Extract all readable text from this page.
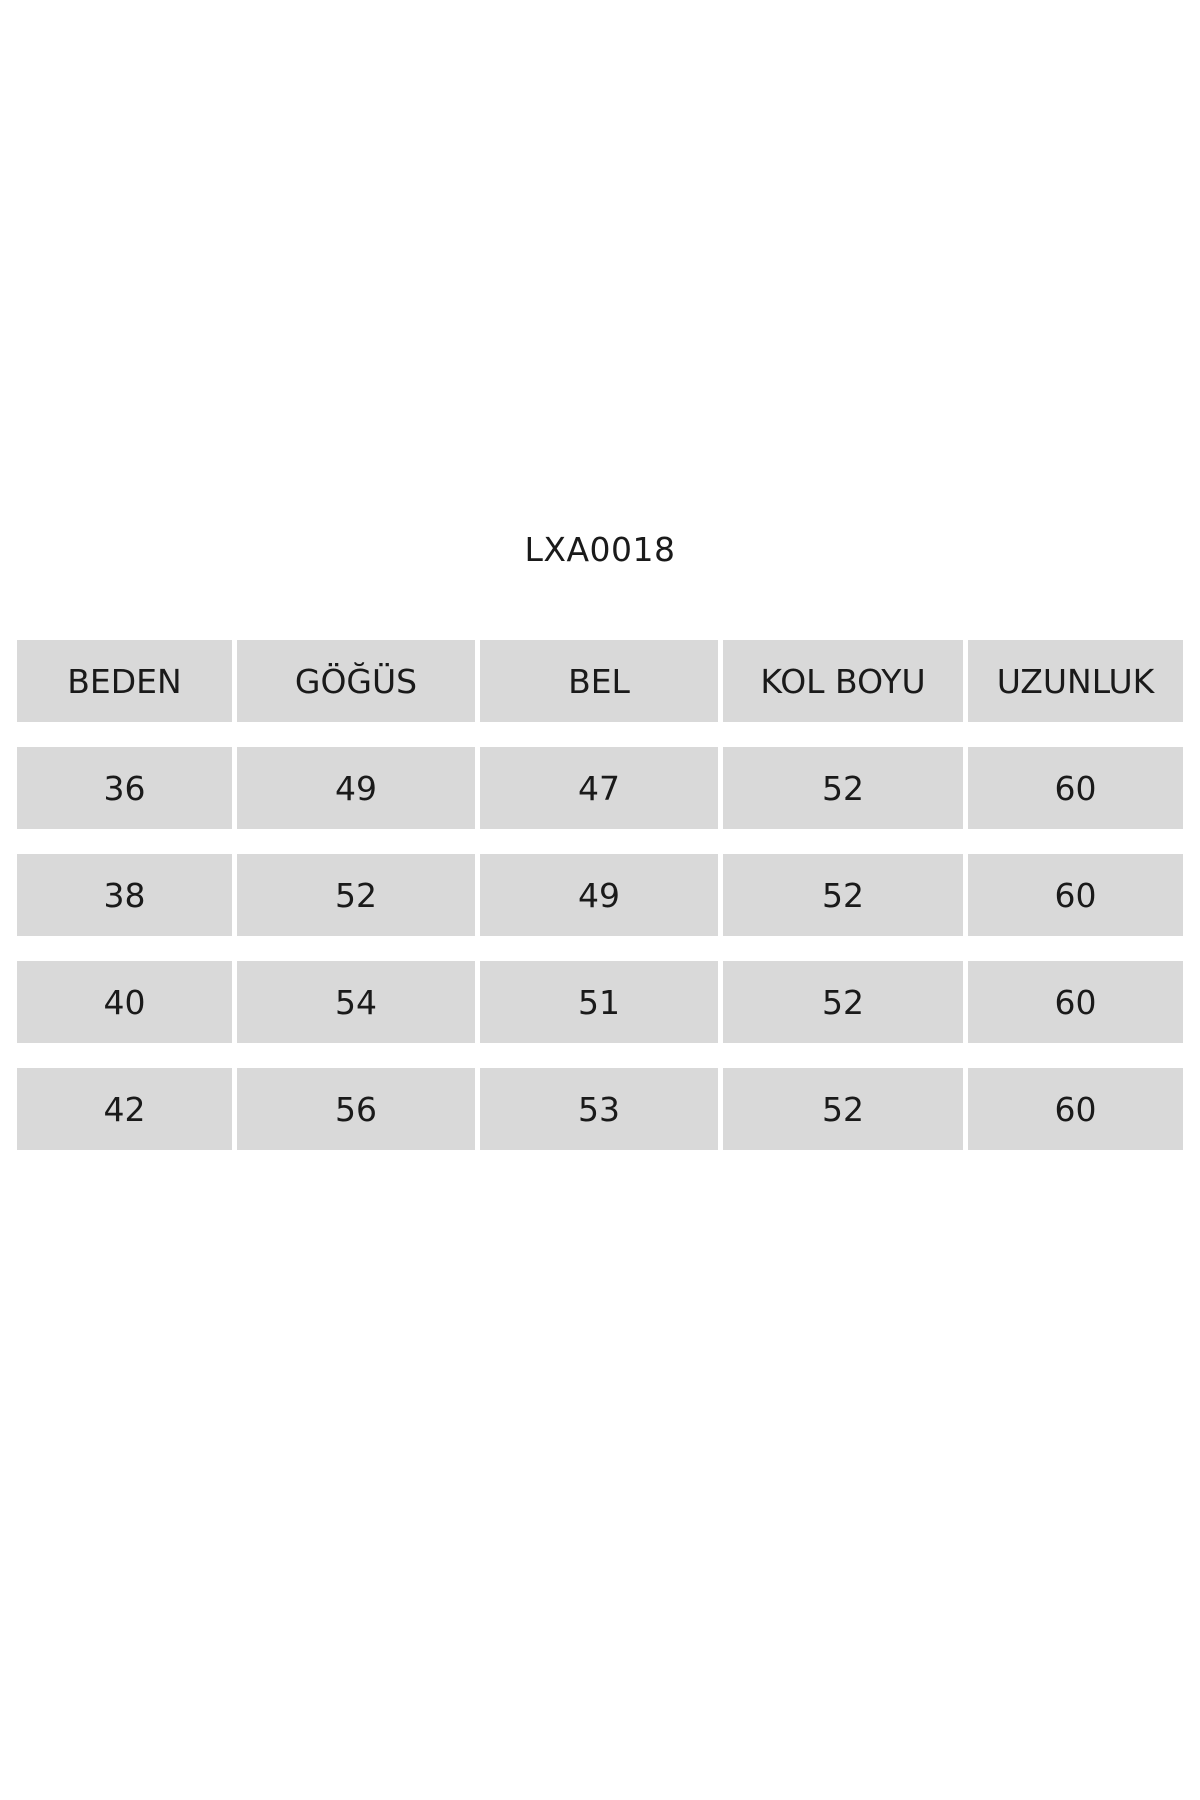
LXA0018
BEDEN	GÖĞÜS	BEL	KOL BOYU	UZUNLUK
36	49	47	52	60
38	52	49	52	60
40	54	51	52	60
42	56	53	52	60
